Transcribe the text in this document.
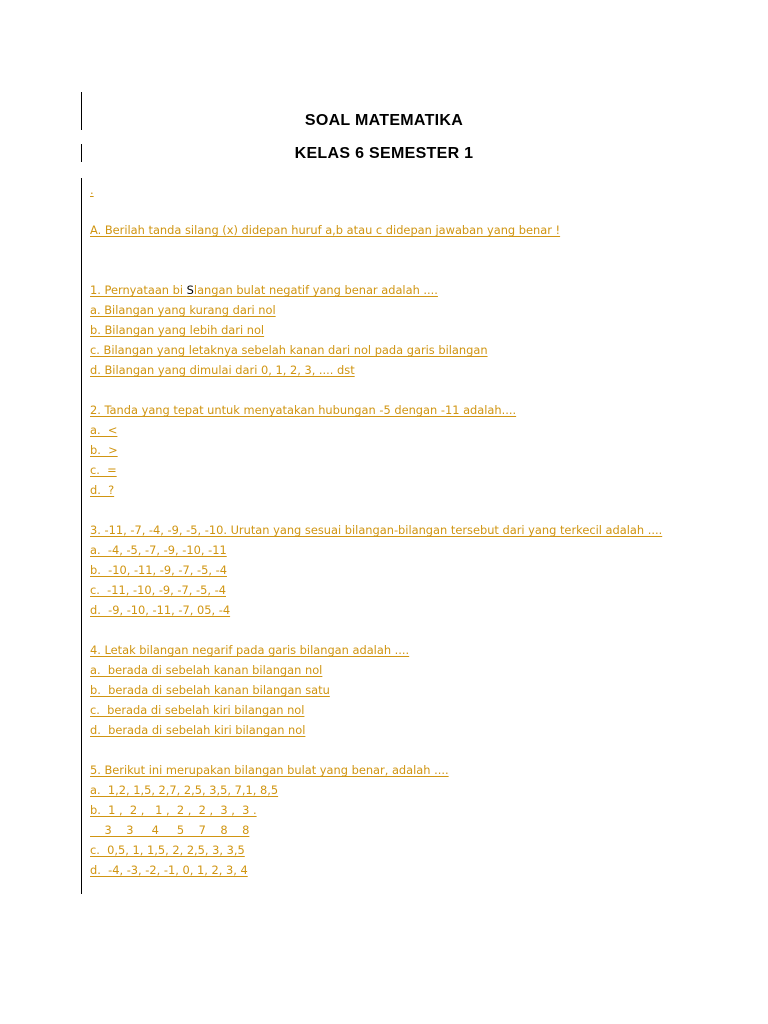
SOAL MATEMATIKA
KELAS 6 SEMESTER 1
.
A. Berilah tanda silang (x) didepan huruf a,b atau c didepan jawaban yang benar !
1. Pernyataan bi Slangan bulat negatif yang benar adalah ....
a. Bilangan yang kurang dari nol
b. Bilangan yang lebih dari nol
c. Bilangan yang letaknya sebelah kanan dari nol pada garis bilangan
d. Bilangan yang dimulai dari 0, 1, 2, 3, .... dst
2. Tanda yang tepat untuk menyatakan hubungan -5 dengan -11 adalah....
a.  <
b.  >
c.  =
d.  ?
3. -11, -7, -4, -9, -5, -10. Urutan yang sesuai bilangan-bilangan tersebut dari yang terkecil adalah ....
a.  -4, -5, -7, -9, -10, -11
b.  -10, -11, -9, -7, -5, -4
c.  -11, -10, -9, -7, -5, -4
d.  -9, -10, -11, -7, 05, -4
4. Letak bilangan negarif pada garis bilangan adalah ....
a.  berada di sebelah kanan bilangan nol
b.  berada di sebelah kanan bilangan satu
c.  berada di sebelah kiri bilangan nol
d.  berada di sebelah kiri bilangan nol
5. Berikut ini merupakan bilangan bulat yang benar, adalah ....
a.  1,2, 1,5, 2,7, 2,5, 3,5, 7,1, 8,5
b.  1 ,  2 ,   1 ,  2 ,  2 ,  3 ,  3 .
3    3     4     5    7    8    8
c.  0,5, 1, 1,5, 2, 2,5, 3, 3,5
d.  -4, -3, -2, -1, 0, 1, 2, 3, 4
